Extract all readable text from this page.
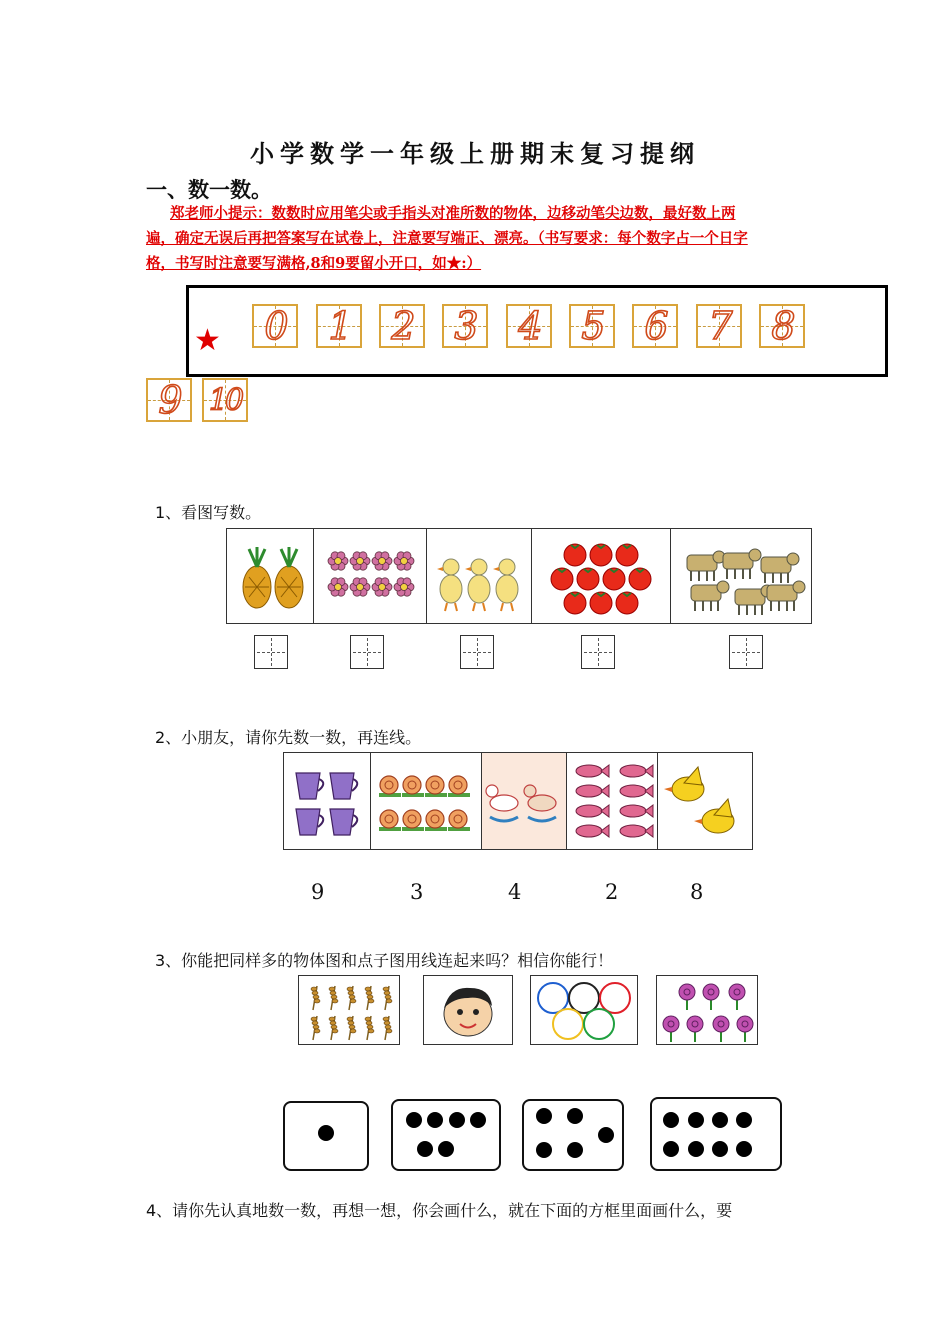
小学数学一年级上册期末复习提纲
一、数一数。
郑老师小提示：数数时应用笔尖或手指头对准所数的物体，边移动笔尖边数，最好数上两
遍，确定无误后再把答案写在试卷上，注意要写端正、漂亮。（书写要求：每个数字占一个日字
格，书写时注意要写满格,8和9要留小开口，如★:）
★ 0 1 2 3 4 5 6 7 8
9 10
1、看图写数。

2、小朋友，请你先数一数，再连线。

9	3	4	2	8
3、你能把同样多的物体图和点子图用线连起来吗？相信你能行！
4、请你先认真地数一数，再想一想，你会画什么，就在下面的方框里面画什么，要
